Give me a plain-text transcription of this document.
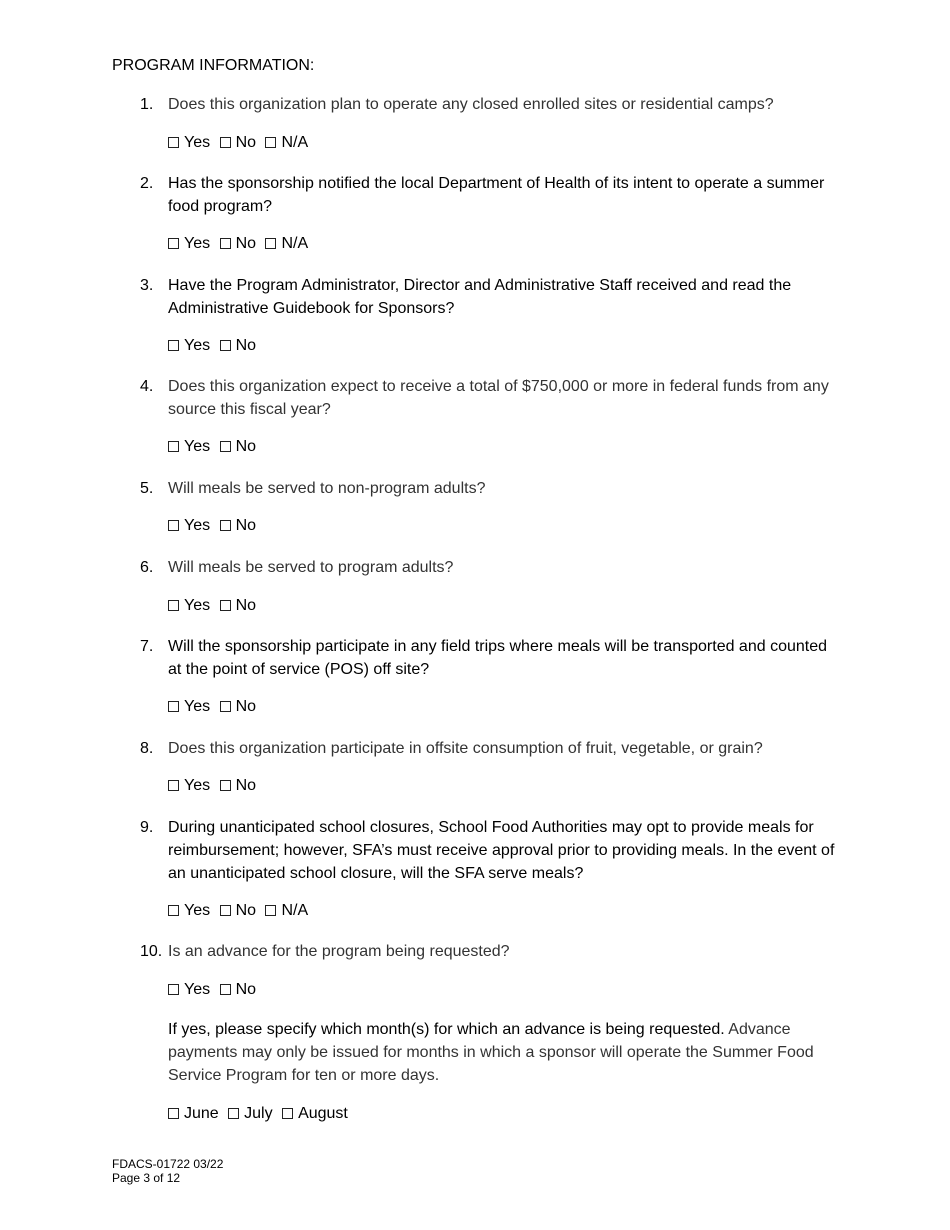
PROGRAM INFORMATION:
1. Does this organization plan to operate any closed enrolled sites or residential camps?
Yes No N/A
2. Has the sponsorship notified the local Department of Health of its intent to operate a summer food program?
Yes No N/A
3. Have the Program Administrator, Director and Administrative Staff received and read the Administrative Guidebook for Sponsors?
Yes No
4. Does this organization expect to receive a total of $750,000 or more in federal funds from any source this fiscal year?
Yes No
5. Will meals be served to non-program adults?
Yes No
6. Will meals be served to program adults?
Yes No
7. Will the sponsorship participate in any field trips where meals will be transported and counted at the point of service (POS) off site?
Yes No
8. Does this organization participate in offsite consumption of fruit, vegetable, or grain?
Yes No
9. During unanticipated school closures, School Food Authorities may opt to provide meals for reimbursement; however, SFA’s must receive approval prior to providing meals. In the event of an unanticipated school closure, will the SFA serve meals?
Yes No N/A
10. Is an advance for the program being requested?
Yes No
If yes, please specify which month(s) for which an advance is being requested. Advance payments may only be issued for months in which a sponsor will operate the Summer Food Service Program for ten or more days.
June July August
FDACS-01722 03/22
Page 3 of 12
